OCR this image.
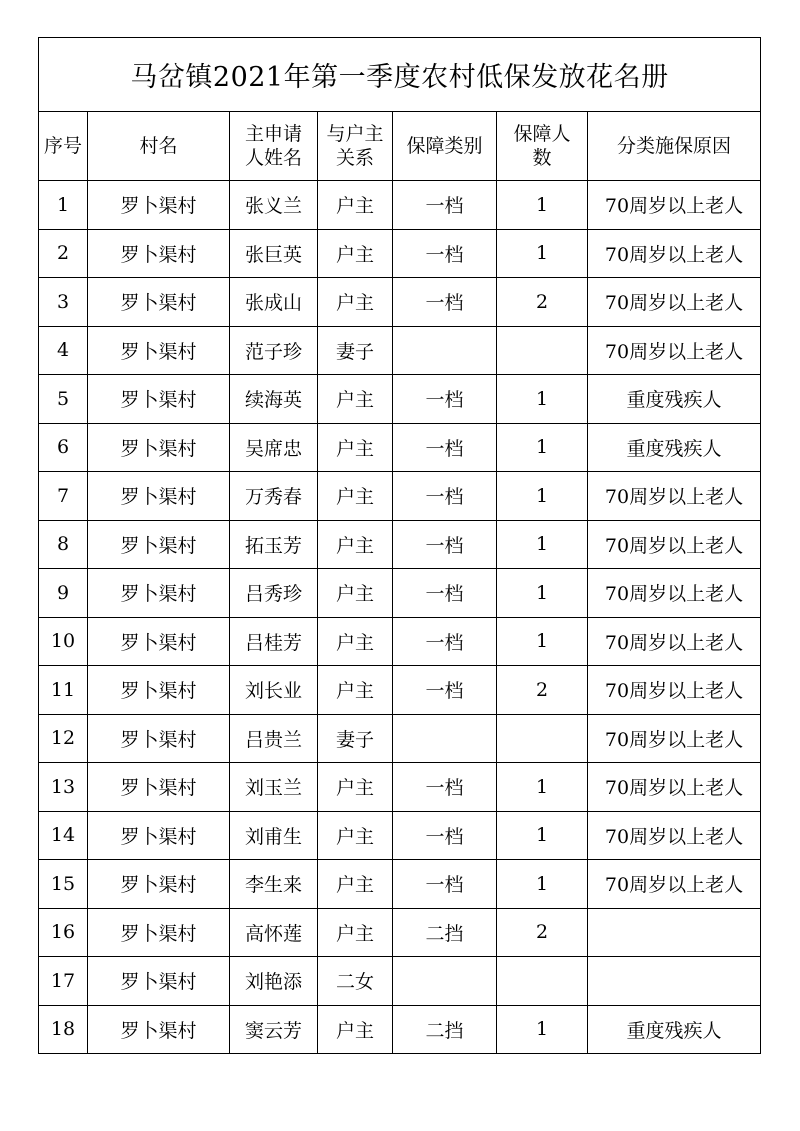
马岔镇2021年第一季度农村低保发放花名册						
序号	村名	主申请人姓名	与户主关系	保障类别	保障人数	分类施保原因
1	罗卜渠村	张义兰	户主	一档	1	70周岁以上老人
2	罗卜渠村	张巨英	户主	一档	1	70周岁以上老人
3	罗卜渠村	张成山	户主	一档	2	70周岁以上老人
4	罗卜渠村	范子珍	妻子			70周岁以上老人
5	罗卜渠村	续海英	户主	一档	1	重度残疾人
6	罗卜渠村	吴席忠	户主	一档	1	重度残疾人
7	罗卜渠村	万秀春	户主	一档	1	70周岁以上老人
8	罗卜渠村	拓玉芳	户主	一档	1	70周岁以上老人
9	罗卜渠村	吕秀珍	户主	一档	1	70周岁以上老人
10	罗卜渠村	吕桂芳	户主	一档	1	70周岁以上老人
11	罗卜渠村	刘长业	户主	一档	2	70周岁以上老人
12	罗卜渠村	吕贵兰	妻子			70周岁以上老人
13	罗卜渠村	刘玉兰	户主	一档	1	70周岁以上老人
14	罗卜渠村	刘甫生	户主	一档	1	70周岁以上老人
15	罗卜渠村	李生来	户主	一档	1	70周岁以上老人
16	罗卜渠村	高怀莲	户主	二挡	2	
17	罗卜渠村	刘艳添	二女			
18	罗卜渠村	窦云芳	户主	二挡	1	重度残疾人
